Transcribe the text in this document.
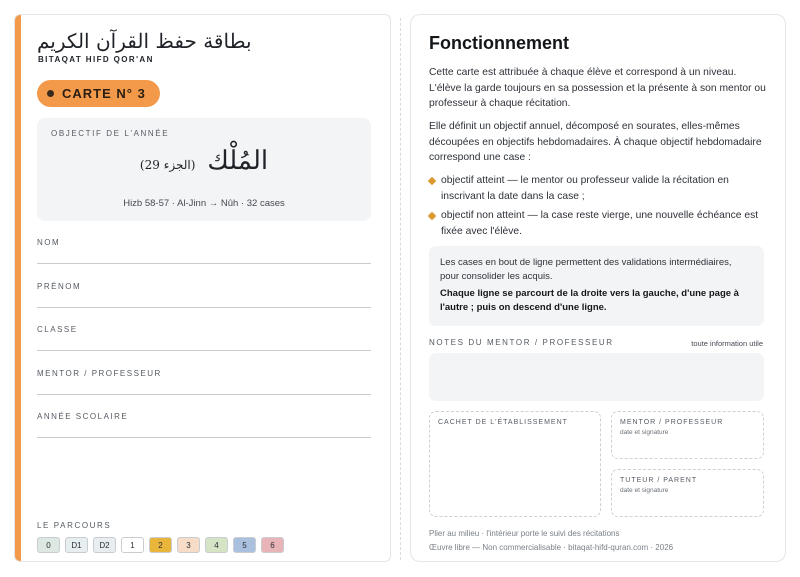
بطاقة حفظ القرآن الكريم
BITAQAT HIFD QOR'AN
CARTE N° 3
OBJECTIF DE L'ANNÉE
(الجزء 29) المُلْك
Hizb 58-57 · Al-Jinn → Nûh · 32 cases
NOM
PRÉNOM
CLASSE
MENTOR / PROFESSEUR
ANNÉE SCOLAIRE
LE PARCOURS
0	D1	D2	1	2	3	4	5	6
Fonctionnement
Cette carte est attribuée à chaque élève et correspond à un niveau. L'élève la garde toujours en sa possession et la présente à son mentor ou professeur à chaque récitation.
Elle définit un objectif annuel, décomposé en sourates, elles-mêmes découpées en objectifs hebdomadaires. À chaque objectif hebdomadaire correspond une case :
objectif atteint — le mentor ou professeur valide la récitation en inscrivant la date dans la case ;
objectif non atteint — la case reste vierge, une nouvelle échéance est fixée avec l'élève.
Les cases en bout de ligne permettent des validations intermédiaires, pour consolider les acquis.
Chaque ligne se parcourt de la droite vers la gauche, d'une page à l'autre ; puis on descend d'une ligne.
NOTES DU MENTOR / PROFESSEUR	toute information utile
CACHET DE L'ÉTABLISSEMENT	MENTOR / PROFESSEUR
date et signature
TUTEUR / PARENT
date et signature
Plier au milieu · l'intérieur porte le suivi des récitations
Œuvre libre — Non commercialisable · bitaqat-hifd-quran.com · 2026
